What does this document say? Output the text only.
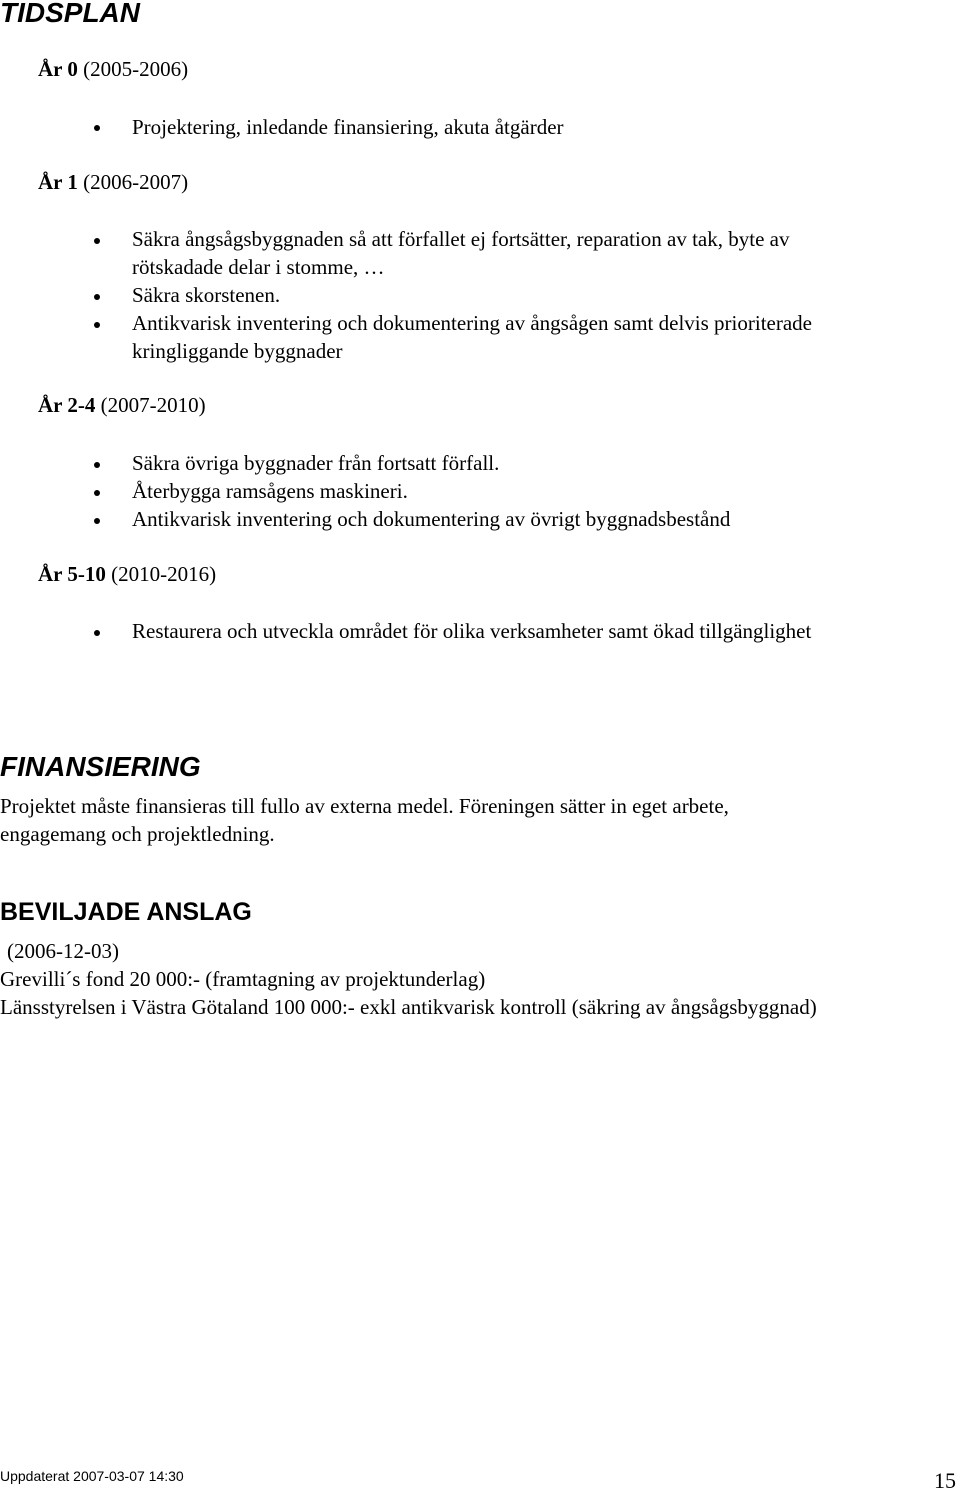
TIDSPLAN
År 0 (2005-2006)
Projektering, inledande finansiering, akuta åtgärder
År 1 (2006-2007)
Säkra ångsågsbyggnaden så att förfallet ej fortsätter, reparation av tak, byte av
rötskadade delar i stomme, …
Säkra skorstenen.
Antikvarisk inventering och dokumentering av ångsågen samt delvis prioriterade
kringliggande byggnader
År 2-4 (2007-2010)
Säkra övriga byggnader från fortsatt förfall.
Återbygga ramsågens maskineri.
Antikvarisk inventering och dokumentering av övrigt byggnadsbestånd
År 5-10 (2010-2016)
Restaurera och utveckla området för olika verksamheter samt ökad tillgänglighet
FINANSIERING
Projektet måste finansieras till fullo av externa medel. Föreningen sätter in eget arbete,
engagemang och projektledning.
BEVILJADE ANSLAG
(2006-12-03)
Grevilli´s fond 20 000:- (framtagning av projektunderlag)
Länsstyrelsen i Västra Götaland 100 000:- exkl antikvarisk kontroll (säkring av ångsågsbyggnad)
Uppdaterat 2007-03-07 14:30	15
